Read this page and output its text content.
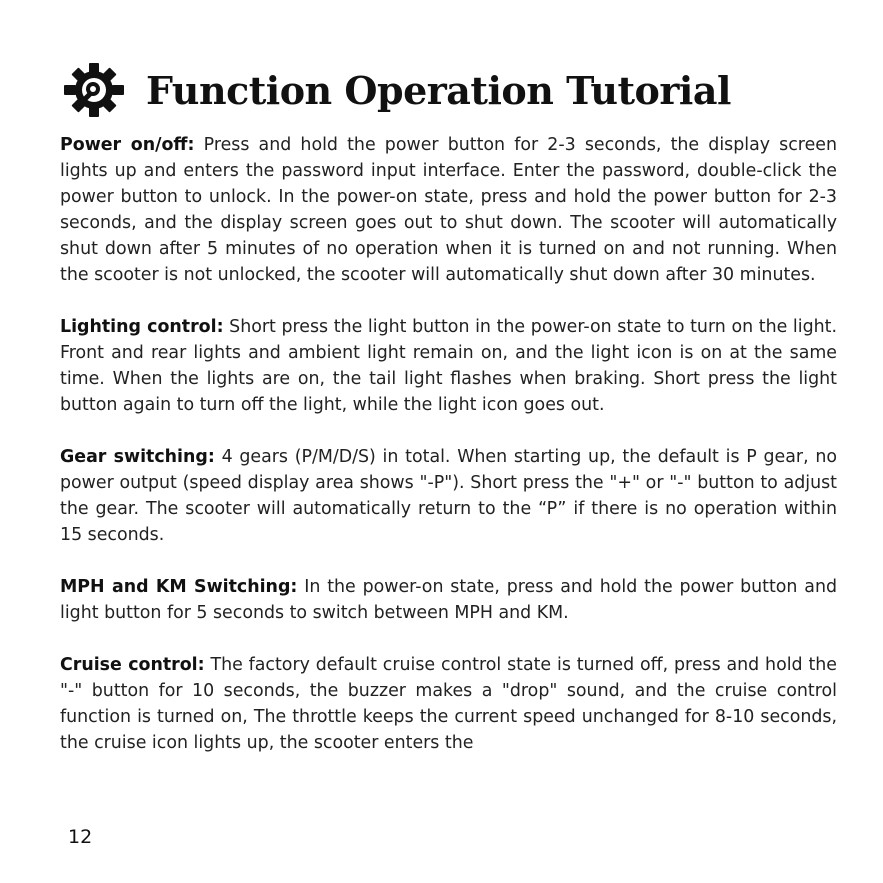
Function Operation Tutorial

Power on/off: Press and hold the power button for 2-3 seconds, the display screen lights up and enters the password input interface. Enter the password, double-click the power button to unlock. In the power-on state, press and hold the power button for 2-3 seconds, and the display screen goes out to shut down. The scooter will automatically shut down after 5 minutes of no operation when it is turned on and not running. When the scooter is not unlocked, the scooter will automatically shut down after 30 minutes.

Lighting control: Short press the light button in the power-on state to turn on the light. Front and rear lights and ambient light remain on, and the light icon is on at the same time. When the lights are on, the tail light flashes when braking. Short press the light button again to turn off the light, while the light icon goes out.

Gear switching: 4 gears (P/M/D/S) in total. When starting up, the default is P gear, no power output (speed display area shows "-P"). Short press the "+" or "-" button to adjust the gear. The scooter will automatically return to the “P” if there is no operation within 15 seconds.

MPH and KM Switching: In the power-on state, press and hold the power button and light button for 5 seconds to switch between MPH and KM.

Cruise control: The factory default cruise control state is turned off, press and hold the "-" button for 10 seconds, the buzzer makes a "drop" sound, and the cruise control function is turned on, The throttle keeps the current speed unchanged for 8-10 seconds, the cruise icon lights up, the scooter enters the

12
